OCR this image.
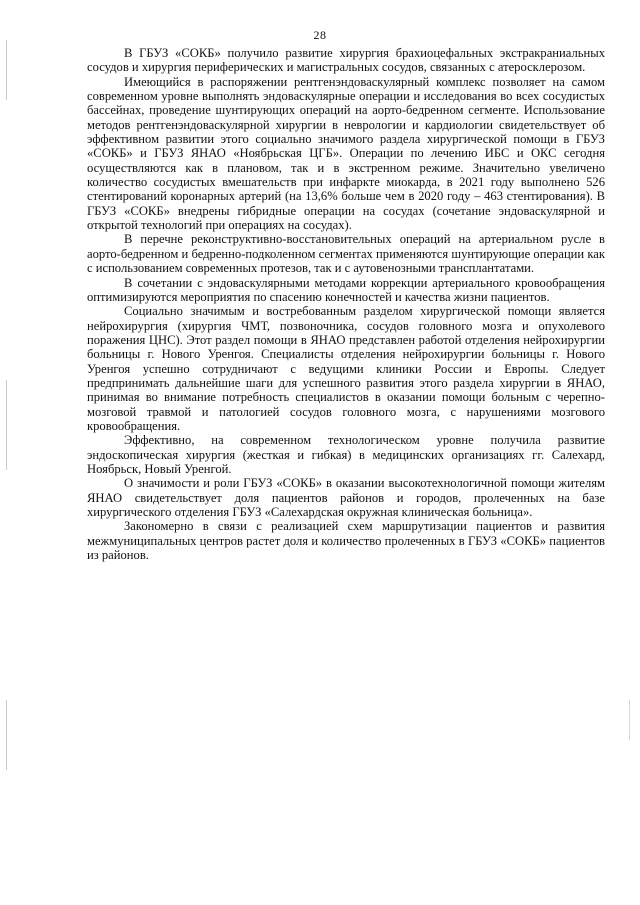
28

В ГБУЗ «СОКБ» получило развитие хирургия брахиоцефальных экстракраниальных сосудов и хирургия периферических и магистральных сосудов, связанных с атеросклерозом.

Имеющийся в распоряжении рентгенэндоваскулярный комплекс позволяет на самом современном уровне выполнять эндоваскулярные операции и исследования во всех сосудистых бассейнах, проведение шунтирующих операций на аорто-бедренном сегменте. Использование методов рентгенэндоваскулярной хирургии в неврологии и кардиологии свидетельствует об эффективном развитии этого социально значимого раздела хирургической помощи в ГБУЗ «СОКБ» и ГБУЗ ЯНАО «Ноябрьская ЦГБ». Операции по лечению ИБС и ОКС сегодня осуществляются как в плановом, так и в экстренном режиме. Значительно увеличено количество сосудистых вмешательств при инфаркте миокарда, в 2021 году выполнено 526 стентирований коронарных артерий (на 13,6% больше чем в 2020 году – 463 стентирования). В ГБУЗ «СОКБ» внедрены гибридные операции на сосудах (сочетание эндоваскулярной и открытой технологий при операциях на сосудах).

В перечне реконструктивно-восстановительных операций на артериальном русле в аорто-бедренном и бедренно-подколенном сегментах применяются шунтирующие операции как с использованием современных протезов, так и с аутовенозными трансплантатами.

В сочетании с эндоваскулярными методами коррекции артериального кровообращения оптимизируются мероприятия по спасению конечностей и качества жизни пациентов.

Социально значимым и востребованным разделом хирургической помощи является нейрохирургия (хирургия ЧМТ, позвоночника, сосудов головного мозга и опухолевого поражения ЦНС). Этот раздел помощи в ЯНАО представлен работой отделения нейрохирургии больницы г. Нового Уренгоя. Специалисты отделения нейрохирургии больницы г. Нового Уренгоя успешно сотрудничают с ведущими клиники России и Европы. Следует предпринимать дальнейшие шаги для успешного развития этого раздела хирургии в ЯНАО, принимая во внимание потребность специалистов в оказании помощи больным с черепно-мозговой травмой и патологией сосудов головного мозга, с нарушениями мозгового кровообращения.

Эффективно, на современном технологическом уровне получила развитие эндоскопическая хирургия (жесткая и гибкая) в медицинских организациях гг. Салехард, Ноябрьск, Новый Уренгой.

О значимости и роли ГБУЗ «СОКБ» в оказании высокотехнологичной помощи жителям ЯНАО свидетельствует доля пациентов районов и городов, пролеченных на базе хирургического отделения ГБУЗ «Салехардская окружная клиническая больница».

Закономерно в связи с реализацией схем маршрутизации пациентов и развития межмуниципальных центров растет доля и количество пролеченных в ГБУЗ «СОКБ» пациентов из районов.
